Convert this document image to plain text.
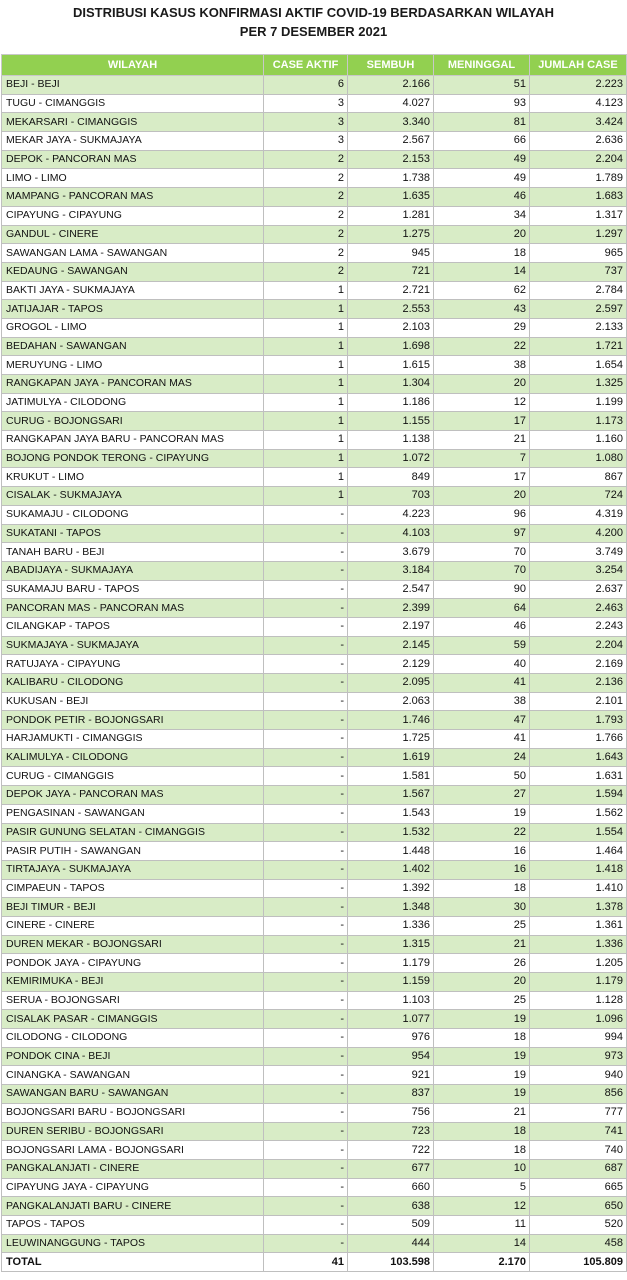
DISTRIBUSI KASUS KONFIRMASI AKTIF COVID-19 BERDASARKAN WILAYAH
PER 7 DESEMBER 2021
WILAYAH	CASE AKTIF	SEMBUH	MENINGGAL	JUMLAH CASE
BEJI - BEJI	6	2.166	51	2.223
TUGU - CIMANGGIS	3	4.027	93	4.123
MEKARSARI - CIMANGGIS	3	3.340	81	3.424
MEKAR JAYA - SUKMAJAYA	3	2.567	66	2.636
DEPOK - PANCORAN MAS	2	2.153	49	2.204
LIMO - LIMO	2	1.738	49	1.789
MAMPANG - PANCORAN MAS	2	1.635	46	1.683
CIPAYUNG - CIPAYUNG	2	1.281	34	1.317
GANDUL - CINERE	2	1.275	20	1.297
SAWANGAN LAMA - SAWANGAN	2	945	18	965
KEDAUNG - SAWANGAN	2	721	14	737
BAKTI JAYA - SUKMAJAYA	1	2.721	62	2.784
JATIJAJAR - TAPOS	1	2.553	43	2.597
GROGOL - LIMO	1	2.103	29	2.133
BEDAHAN - SAWANGAN	1	1.698	22	1.721
MERUYUNG - LIMO	1	1.615	38	1.654
RANGKAPAN JAYA - PANCORAN MAS	1	1.304	20	1.325
JATIMULYA - CILODONG	1	1.186	12	1.199
CURUG - BOJONGSARI	1	1.155	17	1.173
RANGKAPAN JAYA BARU - PANCORAN MAS	1	1.138	21	1.160
BOJONG PONDOK TERONG - CIPAYUNG	1	1.072	7	1.080
KRUKUT - LIMO	1	849	17	867
CISALAK - SUKMAJAYA	1	703	20	724
SUKAMAJU - CILODONG	-	4.223	96	4.319
SUKATANI - TAPOS	-	4.103	97	4.200
TANAH BARU - BEJI	-	3.679	70	3.749
ABADIJAYA - SUKMAJAYA	-	3.184	70	3.254
SUKAMAJU BARU - TAPOS	-	2.547	90	2.637
PANCORAN MAS - PANCORAN MAS	-	2.399	64	2.463
CILANGKAP - TAPOS	-	2.197	46	2.243
SUKMAJAYA - SUKMAJAYA	-	2.145	59	2.204
RATUJAYA - CIPAYUNG	-	2.129	40	2.169
KALIBARU - CILODONG	-	2.095	41	2.136
KUKUSAN - BEJI	-	2.063	38	2.101
PONDOK PETIR - BOJONGSARI	-	1.746	47	1.793
HARJAMUKTI - CIMANGGIS	-	1.725	41	1.766
KALIMULYA - CILODONG	-	1.619	24	1.643
CURUG - CIMANGGIS	-	1.581	50	1.631
DEPOK JAYA - PANCORAN MAS	-	1.567	27	1.594
PENGASINAN - SAWANGAN	-	1.543	19	1.562
PASIR GUNUNG SELATAN - CIMANGGIS	-	1.532	22	1.554
PASIR PUTIH - SAWANGAN	-	1.448	16	1.464
TIRTAJAYA - SUKMAJAYA	-	1.402	16	1.418
CIMPAEUN - TAPOS	-	1.392	18	1.410
BEJI TIMUR - BEJI	-	1.348	30	1.378
CINERE - CINERE	-	1.336	25	1.361
DUREN MEKAR - BOJONGSARI	-	1.315	21	1.336
PONDOK JAYA - CIPAYUNG	-	1.179	26	1.205
KEMIRIMUKA - BEJI	-	1.159	20	1.179
SERUA - BOJONGSARI	-	1.103	25	1.128
CISALAK PASAR - CIMANGGIS	-	1.077	19	1.096
CILODONG - CILODONG	-	976	18	994
PONDOK CINA - BEJI	-	954	19	973
CINANGKA - SAWANGAN	-	921	19	940
SAWANGAN BARU - SAWANGAN	-	837	19	856
BOJONGSARI BARU - BOJONGSARI	-	756	21	777
DUREN SERIBU - BOJONGSARI	-	723	18	741
BOJONGSARI LAMA - BOJONGSARI	-	722	18	740
PANGKALANJATI - CINERE	-	677	10	687
CIPAYUNG JAYA - CIPAYUNG	-	660	5	665
PANGKALANJATI BARU - CINERE	-	638	12	650
TAPOS - TAPOS	-	509	11	520
LEUWINANGGUNG - TAPOS	-	444	14	458
TOTAL	41	103.598	2.170	105.809
